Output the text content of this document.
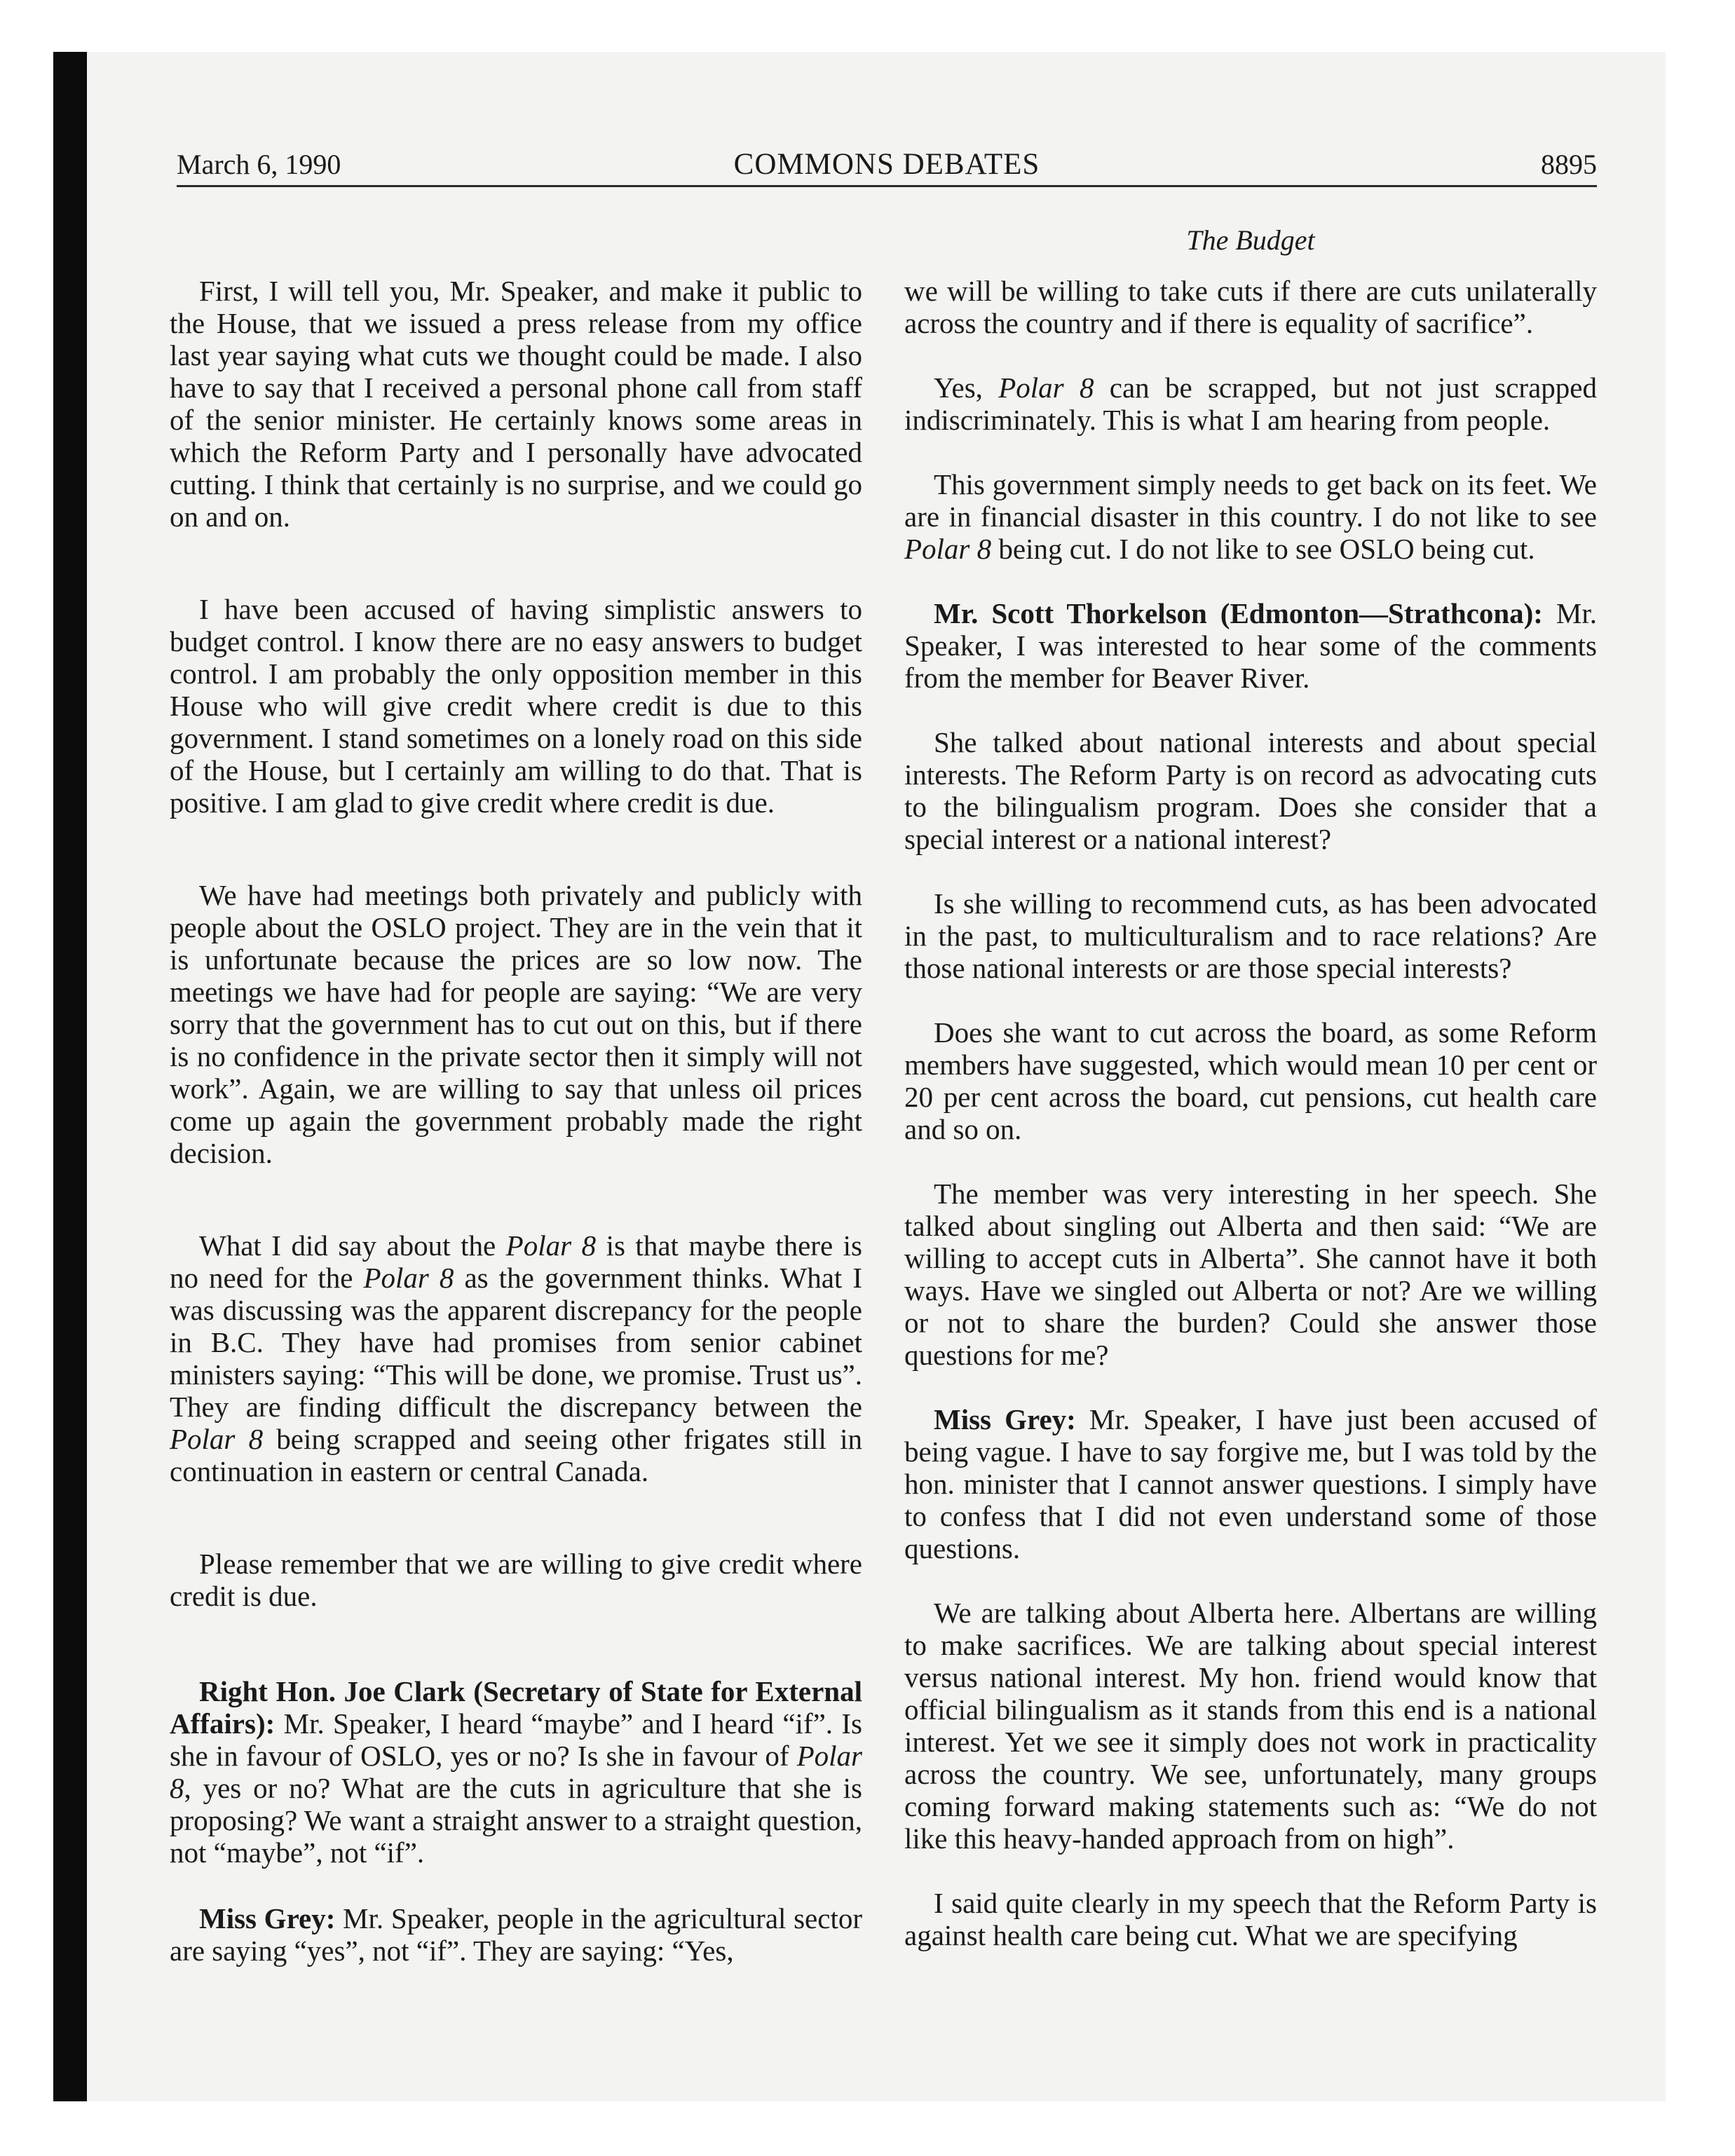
March 6, 1990	COMMONS DEBATES	8895
The Budget

First, I will tell you, Mr. Speaker, and make it public to the House, that we issued a press release from my office last year saying what cuts we thought could be made. I also have to say that I received a personal phone call from staff of the senior minister. He certainly knows some areas in which the Reform Party and I personally have advocated cutting. I think that certainly is no surprise, and we could go on and on.

I have been accused of having simplistic answers to budget control. I know there are no easy answers to budget control. I am probably the only opposition member in this House who will give credit where credit is due to this government. I stand sometimes on a lonely road on this side of the House, but I certainly am willing to do that. That is positive. I am glad to give credit where credit is due.

We have had meetings both privately and publicly with people about the OSLO project. They are in the vein that it is unfortunate because the prices are so low now. The meetings we have had for people are saying: “We are very sorry that the government has to cut out on this, but if there is no confidence in the private sector then it simply will not work”. Again, we are willing to say that unless oil prices come up again the government probably made the right decision.

What I did say about the Polar 8 is that maybe there is no need for the Polar 8 as the government thinks. What I was discussing was the apparent discrepancy for the people in B.C. They have had promises from senior cabinet ministers saying: “This will be done, we promise. Trust us”. They are finding difficult the discrepancy between the Polar 8 being scrapped and seeing other frigates still in continuation in eastern or central Canada.

Please remember that we are willing to give credit where credit is due.

Right Hon. Joe Clark (Secretary of State for External Affairs): Mr. Speaker, I heard “maybe” and I heard “if”. Is she in favour of OSLO, yes or no? Is she in favour of Polar 8, yes or no? What are the cuts in agriculture that she is proposing? We want a straight answer to a straight question, not “maybe”, not “if”.

Miss Grey: Mr. Speaker, people in the agricultural sector are saying “yes”, not “if”. They are saying: “Yes,

we will be willing to take cuts if there are cuts unilaterally across the country and if there is equality of sacrifice”.

Yes, Polar 8 can be scrapped, but not just scrapped indiscriminately. This is what I am hearing from people.

This government simply needs to get back on its feet. We are in financial disaster in this country. I do not like to see Polar 8 being cut. I do not like to see OSLO being cut.

Mr. Scott Thorkelson (Edmonton—Strathcona): Mr. Speaker, I was interested to hear some of the comments from the member for Beaver River.

She talked about national interests and about special interests. The Reform Party is on record as advocating cuts to the bilingualism program. Does she consider that a special interest or a national interest?

Is she willing to recommend cuts, as has been advocated in the past, to multiculturalism and to race relations? Are those national interests or are those special interests?

Does she want to cut across the board, as some Reform members have suggested, which would mean 10 per cent or 20 per cent across the board, cut pensions, cut health care and so on.

The member was very interesting in her speech. She talked about singling out Alberta and then said: “We are willing to accept cuts in Alberta”. She cannot have it both ways. Have we singled out Alberta or not? Are we willing or not to share the burden? Could she answer those questions for me?

Miss Grey: Mr. Speaker, I have just been accused of being vague. I have to say forgive me, but I was told by the hon. minister that I cannot answer questions. I simply have to confess that I did not even understand some of those questions.

We are talking about Alberta here. Albertans are willing to make sacrifices. We are talking about special interest versus national interest. My hon. friend would know that official bilingualism as it stands from this end is a national interest. Yet we see it simply does not work in practicality across the country. We see, unfortunately, many groups coming forward making statements such as: “We do not like this heavy-handed approach from on high”.

I said quite clearly in my speech that the Reform Party is against health care being cut. What we are specifying
